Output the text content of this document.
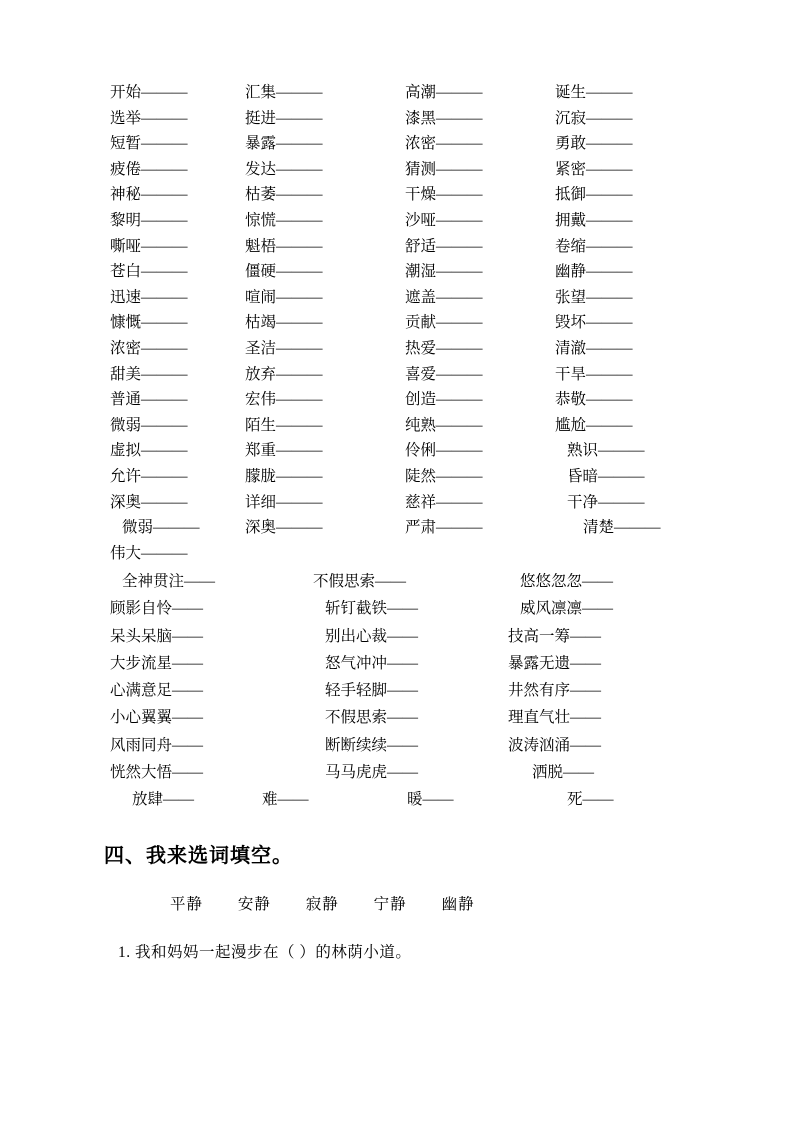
开始———	汇集———	高潮———	诞生———
选举———	挺进———	漆黑———	沉寂———
短暂———	暴露———	浓密———	勇敢———
疲倦———	发达———	猜测———	紧密———
神秘———	枯萎———	干燥———	抵御———
黎明———	惊慌———	沙哑———	拥戴———
嘶哑———	魁梧———	舒适———	卷缩———
苍白———	僵硬———	潮湿———	幽静———
迅速———	喧闹———	遮盖———	张望———
慷慨———	枯竭———	贡献———	毁坏———
浓密———	圣洁———	热爱———	清澈———
甜美———	放弃———	喜爱———	干旱———
普通———	宏伟———	创造———	恭敬———
微弱———	陌生———	纯熟———	尴尬———
虚拟———	郑重———	伶俐———	熟识———
允许———	朦胧———	陡然———	昏暗———
深奥———	详细———	慈祥———	干净———
微弱———	深奥———	严肃———	清楚———
伟大———
全神贯注——	不假思索——	悠悠忽忽——
顾影自怜——	斩钉截铁——	威风凛凛——
呆头呆脑——	别出心裁——	技高一筹——
大步流星——	怒气冲冲——	暴露无遗——
心满意足——	轻手轻脚——	井然有序——
小心翼翼——	不假思索——	理直气壮——
风雨同舟——	断断续续——	波涛汹涌——
恍然大悟——	马马虎虎——	洒脱——
放肆——	难——	暖——	死——
四、我来选词填空。
平静 安静 寂静 宁静 幽静
1. 我和妈妈一起漫步在（ ）的林荫小道。
